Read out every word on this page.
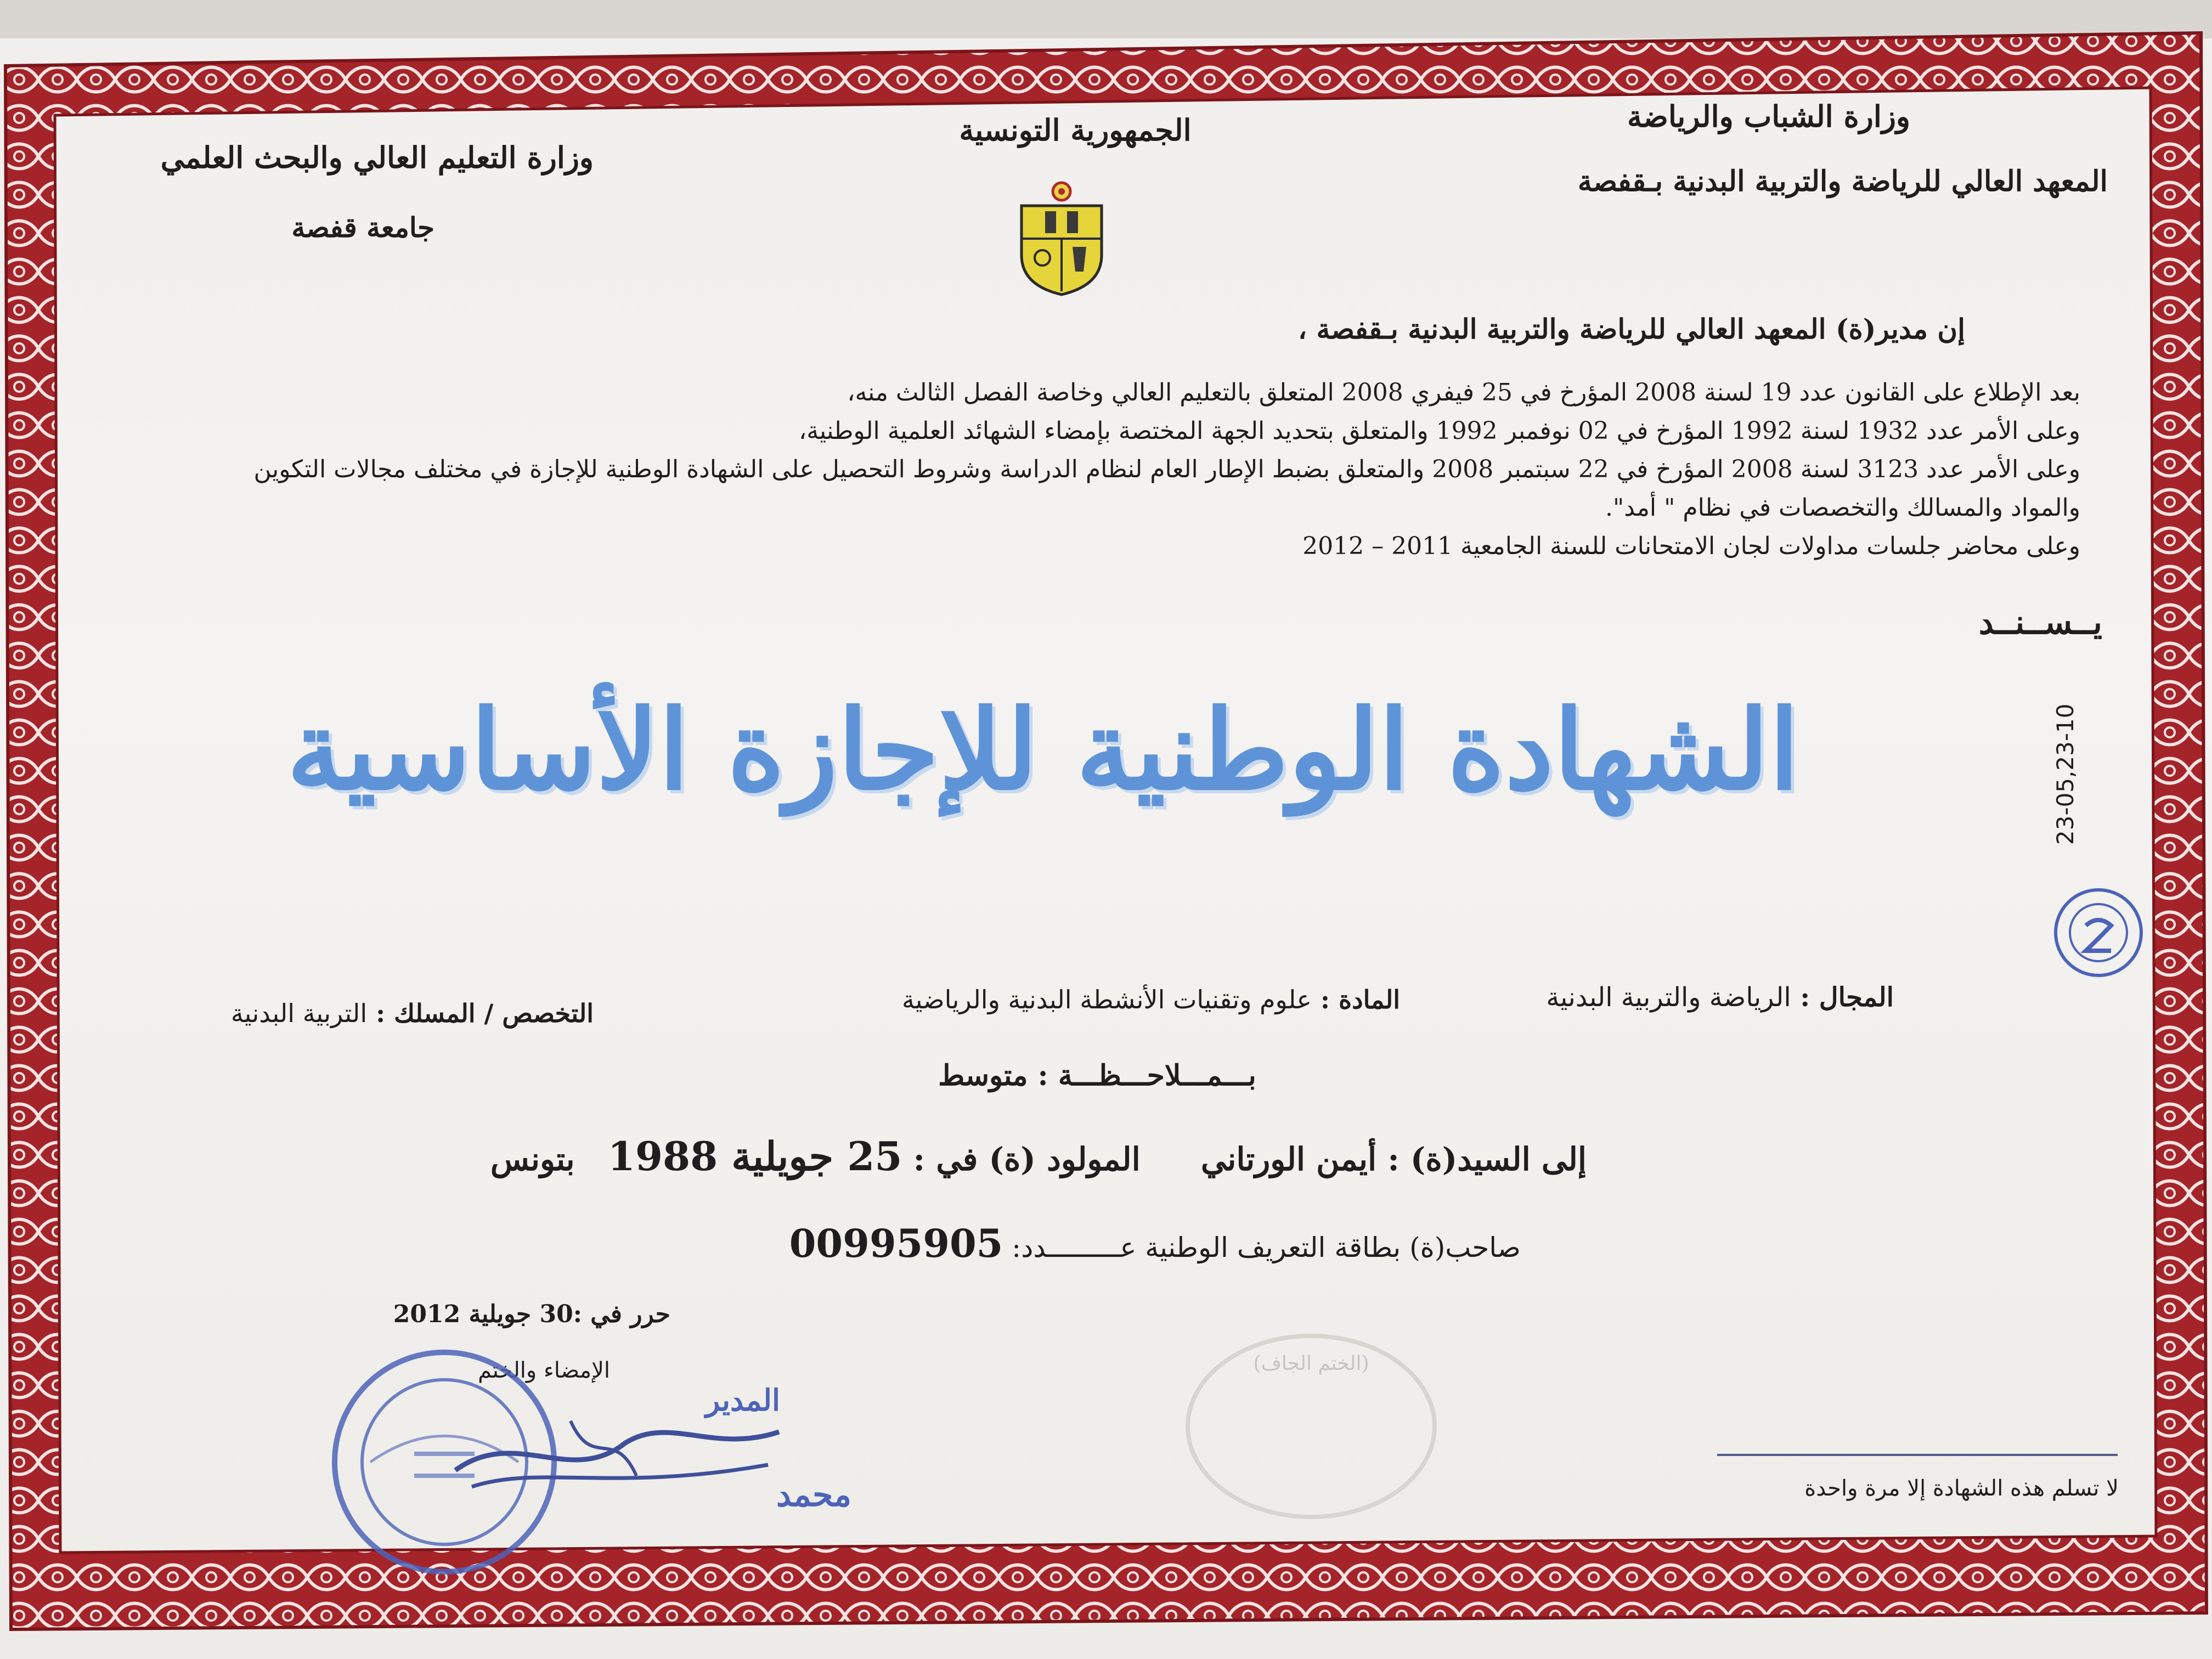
وزارة الشباب والرياضة
المعهد العالي للرياضة والتربية البدنية بـقفصة
الجمهورية التونسية
وزارة التعليم العالي والبحث العلمي
جامعة قفصة
إن مدير(ة) المعهد العالي للرياضة والتربية البدنية بـقفصة ،
بعد الإطلاع على القانون عدد 19 لسنة 2008 المؤرخ في 25 فيفري 2008 المتعلق بالتعليم العالي وخاصة الفصل الثالث منه،
وعلى الأمر عدد 1932 لسنة 1992 المؤرخ في 02 نوفمبر 1992 والمتعلق بتحديد الجهة المختصة بإمضاء الشهائد العلمية الوطنية،
وعلى الأمر عدد 3123 لسنة 2008 المؤرخ في 22 سبتمبر 2008 والمتعلق بضبط الإطار العام لنظام الدراسة وشروط التحصيل على الشهادة الوطنية للإجازة في مختلف مجالات التكوين
والمواد والمسالك والتخصصات في نظام " أمد".
وعلى محاضر جلسات مداولات لجان الامتحانات للسنة الجامعية 2011 – 2012
يــســنــد
الشهادة الوطنية للإجازة الأساسية	23-05,23-10
التخصص / المسلك : التربية البدنية	المادة : علوم وتقنيات الأنشطة البدنية والرياضية	المجال : الرياضة والتربية البدنية
بـــمـــلاحـــظـــة : متوسط
إلى السيد(ة) : أيمن الورتاني المولود (ة) في : 25 جويلية 1988 بتونس
صاحب(ة) بطاقة التعريف الوطنية عـــــــــدد: 00995905
حرر في :30 جويلية 2012
الإمضاء والختم
المدير
محمد
(الختم الجاف)
لا تسلم هذه الشهادة إلا مرة واحدة
